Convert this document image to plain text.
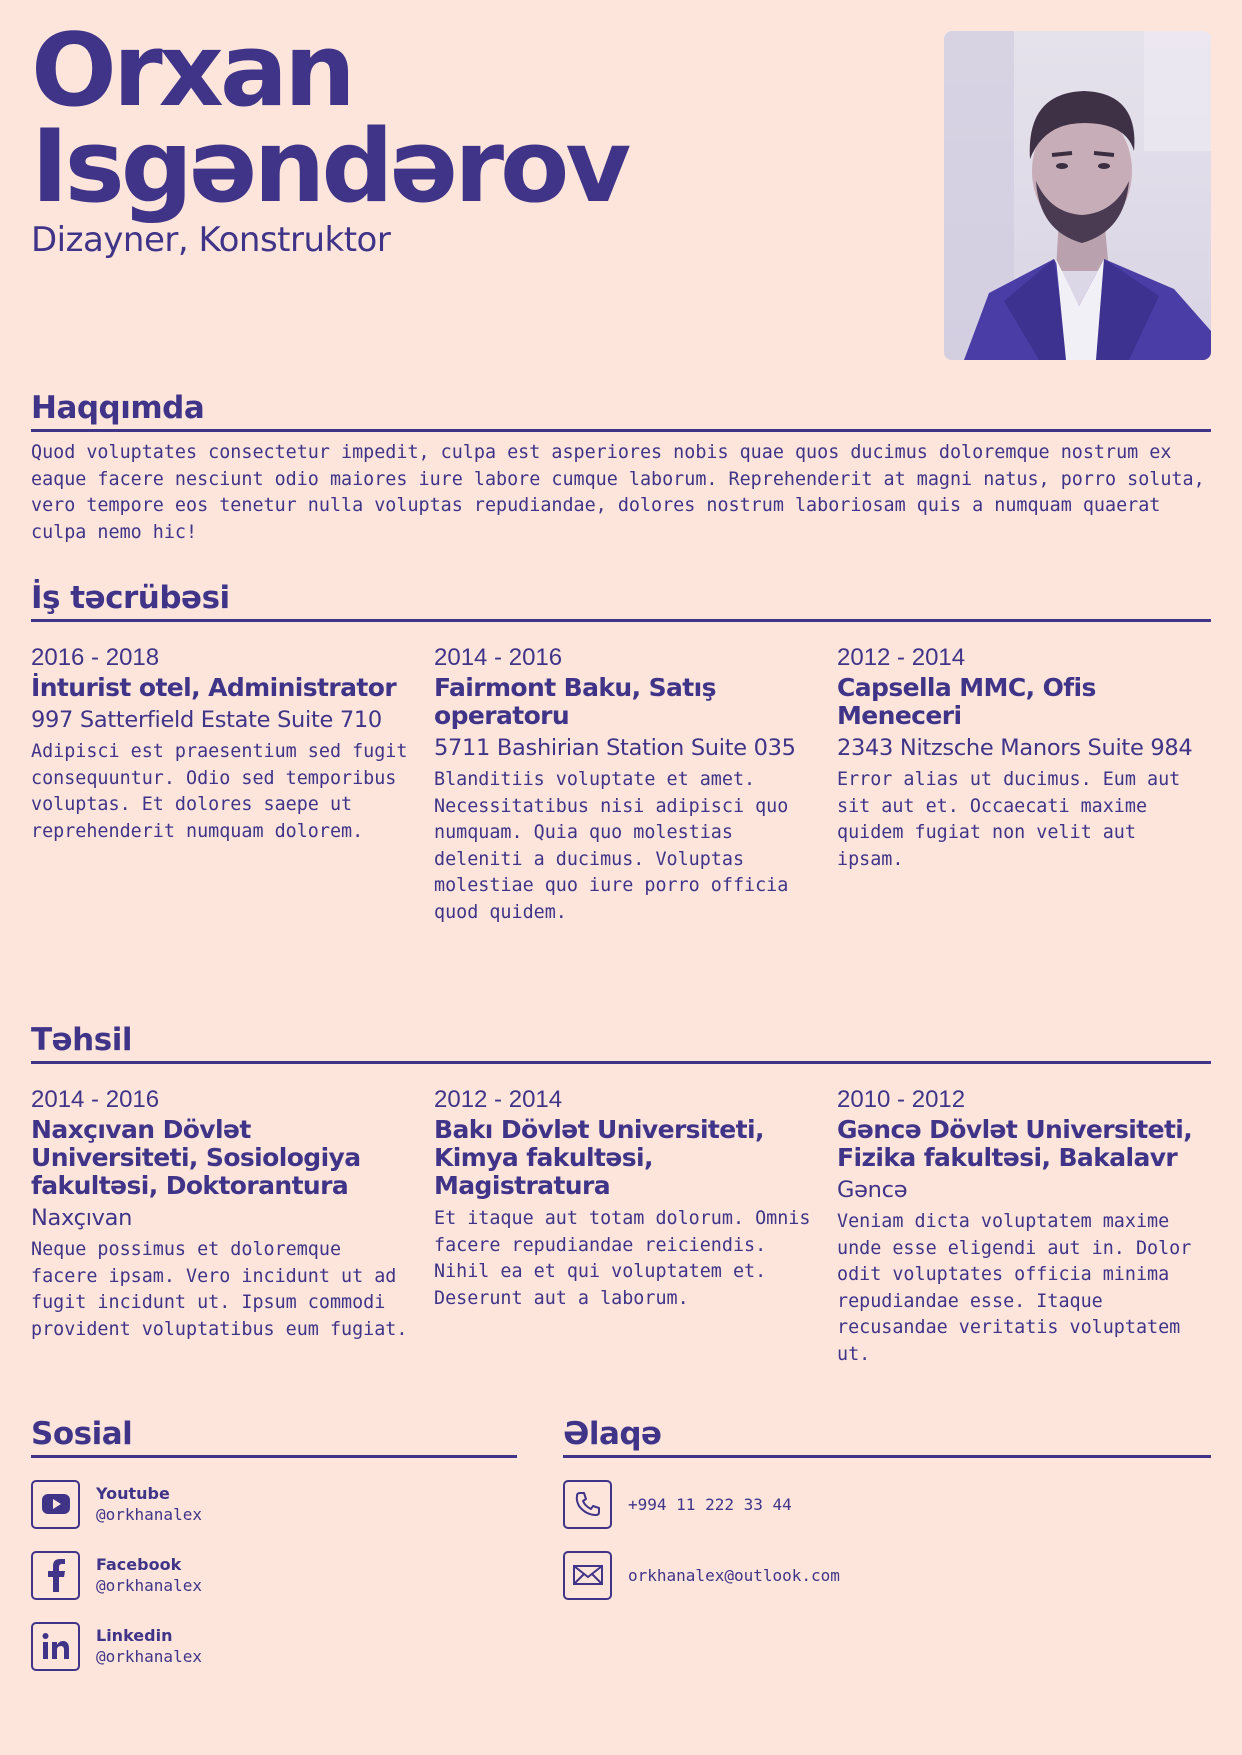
Orxan
Isgəndərov
Dizayner, Konstruktor
Haqqımda
Quod voluptates consectetur impedit, culpa est asperiores nobis quae quos ducimus doloremque nostrum ex eaque facere nesciunt odio maiores iure labore cumque laborum. Reprehenderit at magni natus, porro soluta, vero tempore eos tenetur nulla voluptas repudiandae, dolores nostrum laboriosam quis a numquam quaerat culpa nemo hic!
İş təcrübəsi
2016 - 2018
İnturist otel, Administrator
997 Satterfield Estate Suite 710
Adipisci est praesentium sed fugit consequuntur. Odio sed temporibus voluptas. Et dolores saepe ut reprehenderit numquam dolorem.
2014 - 2016
Fairmont Baku, Satış operatoru
5711 Bashirian Station Suite 035
Blanditiis voluptate et amet. Necessitatibus nisi adipisci quo numquam. Quia quo molestias deleniti a ducimus. Voluptas molestiae quo iure porro officia quod quidem.
2012 - 2014
Capsella MMC, Ofis Meneceri
2343 Nitzsche Manors Suite 984
Error alias ut ducimus. Eum aut sit aut et. Occaecati maxime quidem fugiat non velit aut ipsam.
Təhsil
2014 - 2016
Naxçıvan Dövlət Universiteti, Sosiologiya fakultəsi, Doktorantura
Naxçıvan
Neque possimus et doloremque facere ipsam. Vero incidunt ut ad fugit incidunt ut. Ipsum commodi provident voluptatibus eum fugiat.
2012 - 2014
Bakı Dövlət Universiteti, Kimya fakultəsi, Magistratura
Et itaque aut totam dolorum. Omnis facere repudiandae reiciendis. Nihil ea et qui voluptatem et. Deserunt aut a laborum.
2010 - 2012
Gəncə Dövlət Universiteti, Fizika fakultəsi, Bakalavr
Gəncə
Veniam dicta voluptatem maxime unde esse eligendi aut in. Dolor odit voluptates officia minima repudiandae esse. Itaque recusandae veritatis voluptatem ut.
Sosial
Youtube
@orkhanalex
Facebook
@orkhanalex
Linkedin
@orkhanalex
Əlaqə
+994 11 222 33 44
orkhanalex@outlook.com
